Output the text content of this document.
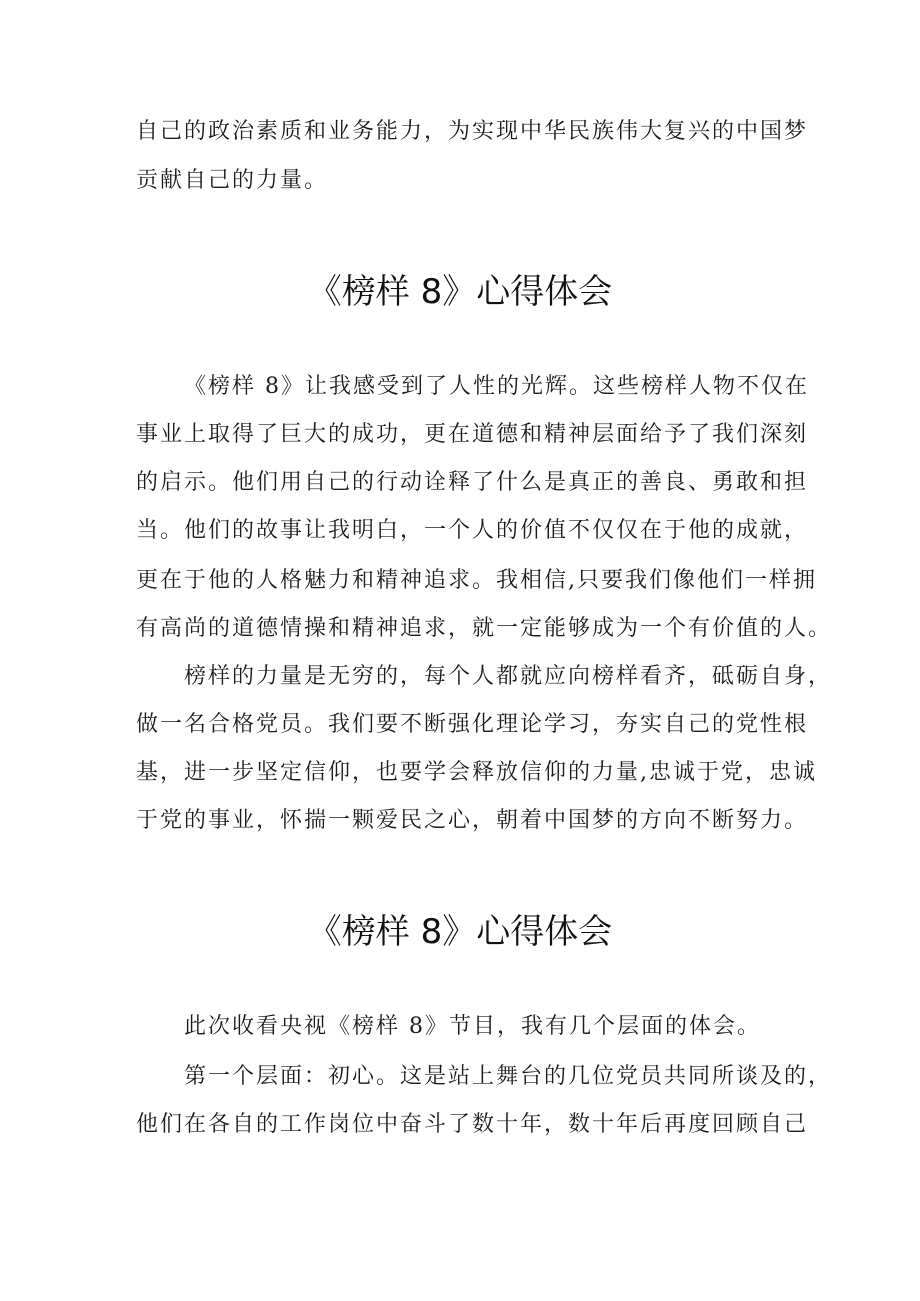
自己的政治素质和业务能力，为实现中华民族伟大复兴的中国梦
贡献自己的力量。
《榜样 8》心得体会
《榜样 8》让我感受到了人性的光辉。这些榜样人物不仅在
事业上取得了巨大的成功，更在道德和精神层面给予了我们深刻
的启示。他们用自己的行动诠释了什么是真正的善良、勇敢和担
当。他们的故事让我明白，一个人的价值不仅仅在于他的成就，
更在于他的人格魅力和精神追求。我相信,只要我们像他们一样拥
有高尚的道德情操和精神追求，就一定能够成为一个有价值的人。
榜样的力量是无穷的，每个人都就应向榜样看齐，砥砺自身，
做一名合格党员。我们要不断强化理论学习，夯实自己的党性根
基，进一步坚定信仰，也要学会释放信仰的力量,忠诚于党，忠诚
于党的事业，怀揣一颗爱民之心，朝着中国梦的方向不断努力。
《榜样 8》心得体会
此次收看央视《榜样 8》节目，我有几个层面的体会。
第一个层面：初心。这是站上舞台的几位党员共同所谈及的，
他们在各自的工作岗位中奋斗了数十年，数十年后再度回顾自己
